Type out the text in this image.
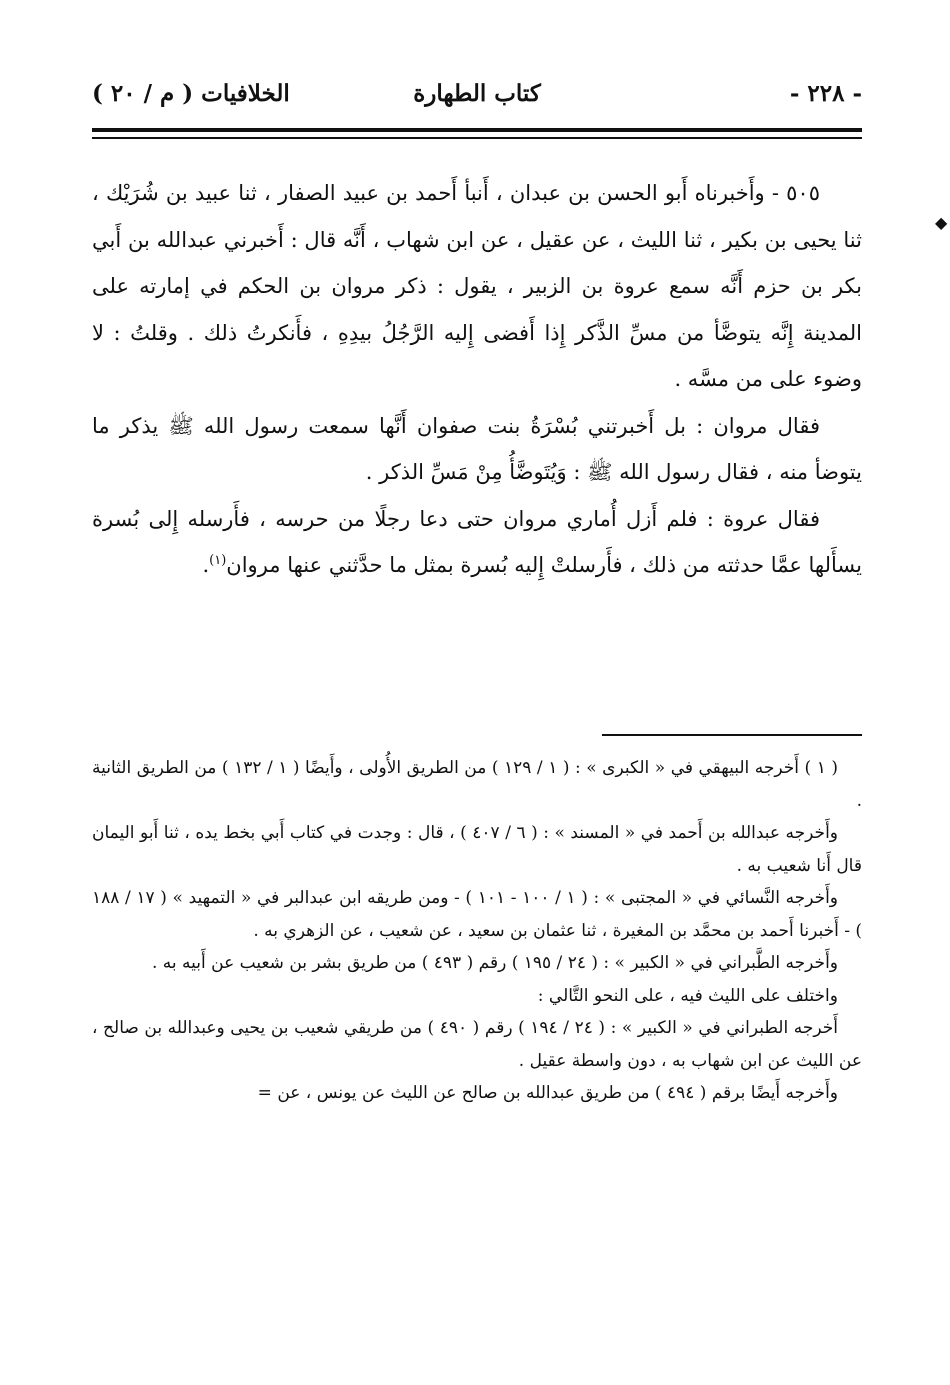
- ٢٢٨ -
كتاب الطهارة
الخلافيات ( م / ٢٠ )
◆

٥٠٥ - وأَخبرناه أَبو الحسن بن عبدان ، أَنبأ أَحمد بن عبيد الصفار ، ثنا عبيد بن شُرَيْك ، ثنا يحيى بن بكير ، ثنا الليث ، عن عقيل ، عن ابن شهاب ، أَنَّه قال : أَخبرني عبدالله بن أَبي بكر بن حزم أَنَّه سمع عروة بن الزبير ، يقول : ذكر مروان بن الحكم في إمارته على المدينة إِنَّه يتوضَّأ من مسِّ الذَّكر إِذا أَفضى إِليه الرَّجُلُ بيدِهِ ، فأَنكرتُ ذلك . وقلتُ : لا وضوء على من مسَّه .

فقال مروان : بل أَخبرتني بُسْرَةُ بنت صفوان أَنَّها سمعت رسول الله ﷺ يذكر ما يتوضأ منه ، فقال رسول الله ﷺ : وَيُتَوضَّأُ مِنْ مَسِّ الذكر .

فقال عروة : فلم أَزل أُماري مروان حتى دعا رجلًا من حرسه ، فأَرسله إِلى بُسرة يسأَلها عمَّا حدثته من ذلك ، فأَرسلتْ إِليه بُسرة بمثل ما حدَّثني عنها مروان$^{(١)}$.

( ١ ) أَخرجه البيهقي في « الكبرى » : ( ١ / ١٢٩ ) من الطريق الأُولى ، وأَيضًا ( ١ / ١٣٢ ) من الطريق الثانية .

وأَخرجه عبدالله بن أَحمد في « المسند » : ( ٦ / ٤٠٧ ) ، قال : وجدت في كتاب أَبي بخط يده ، ثنا أَبو اليمان قال أَنا شعيب به .

وأَخرجه النَّسائي في « المجتبى » : ( ١ / ١٠٠ - ١٠١ ) - ومن طريقه ابن عبدالبر في « التمهيد » ( ١٧ / ١٨٨ ) - أَخبرنا أَحمد بن محمَّد بن المغيرة ، ثنا عثمان بن سعيد ، عن شعيب ، عن الزهري به .

وأَخرجه الطَّبراني في « الكبير » : ( ٢٤ / ١٩٥ ) رقم ( ٤٩٣ ) من طريق بشر بن شعيب عن أَبيه به .

واختلف على الليث فيه ، على النحو التَّالي :

أَخرجه الطبراني في « الكبير » : ( ٢٤ / ١٩٤ ) رقم ( ٤٩٠ ) من طريقي شعيب بن يحيى وعبدالله بن صالح ، عن الليث عن ابن شهاب به ، دون واسطة عقيل .

وأَخرجه أَيضًا برقم ( ٤٩٤ ) من طريق عبدالله بن صالح عن الليث عن يونس ، عن =
